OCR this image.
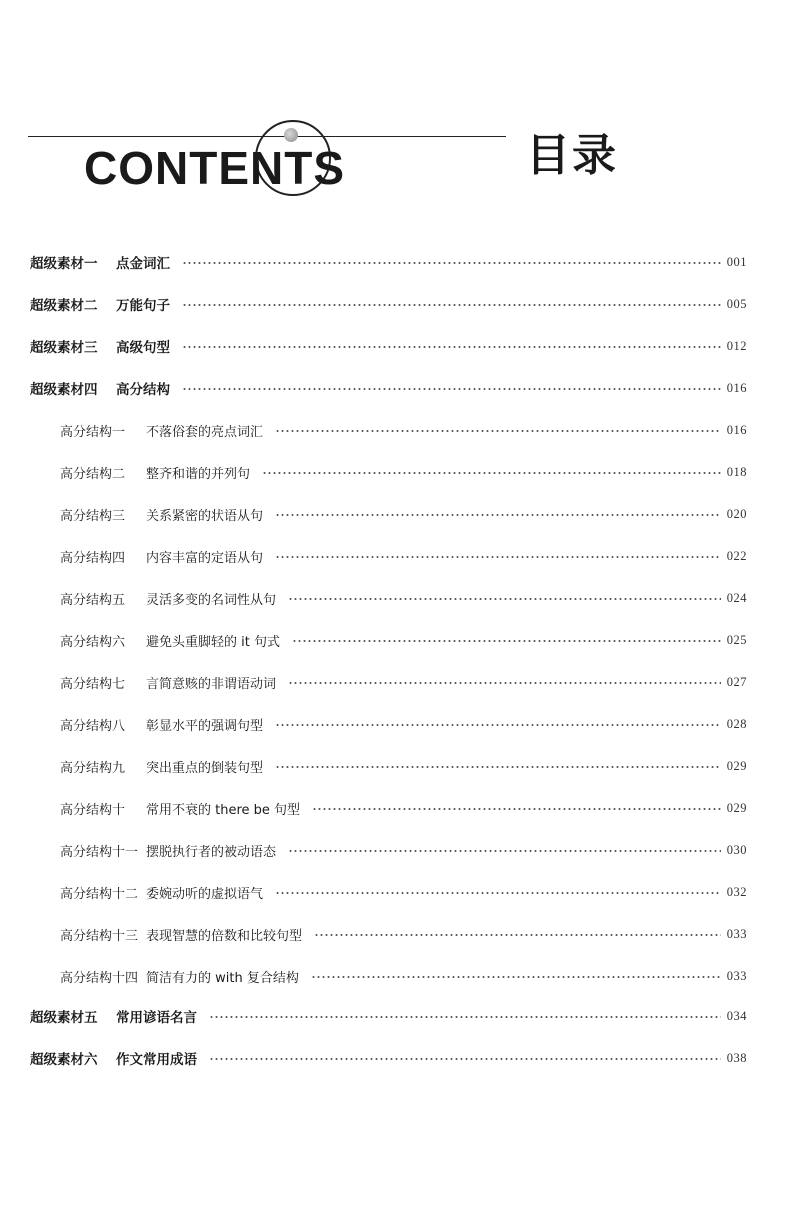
CONTENTS	目录
超级素材一	点金词汇	001
超级素材二	万能句子	005
超级素材三	高级句型	012
超级素材四	高分结构	016
高分结构一	不落俗套的亮点词汇	016
高分结构二	整齐和谐的并列句	018
高分结构三	关系紧密的状语从句	020
高分结构四	内容丰富的定语从句	022
高分结构五	灵活多变的名词性从句	024
高分结构六	避免头重脚轻的 it 句式	025
高分结构七	言简意赅的非谓语动词	027
高分结构八	彰显水平的强调句型	028
高分结构九	突出重点的倒装句型	029
高分结构十	常用不衰的 there be 句型	029
高分结构十一 摆脱执行者的被动语态	030
高分结构十二 委婉动听的虚拟语气	032
高分结构十三 表现智慧的倍数和比较句型	033
高分结构十四 简洁有力的 with 复合结构	033
超级素材五	常用谚语名言	034
超级素材六	作文常用成语	038
